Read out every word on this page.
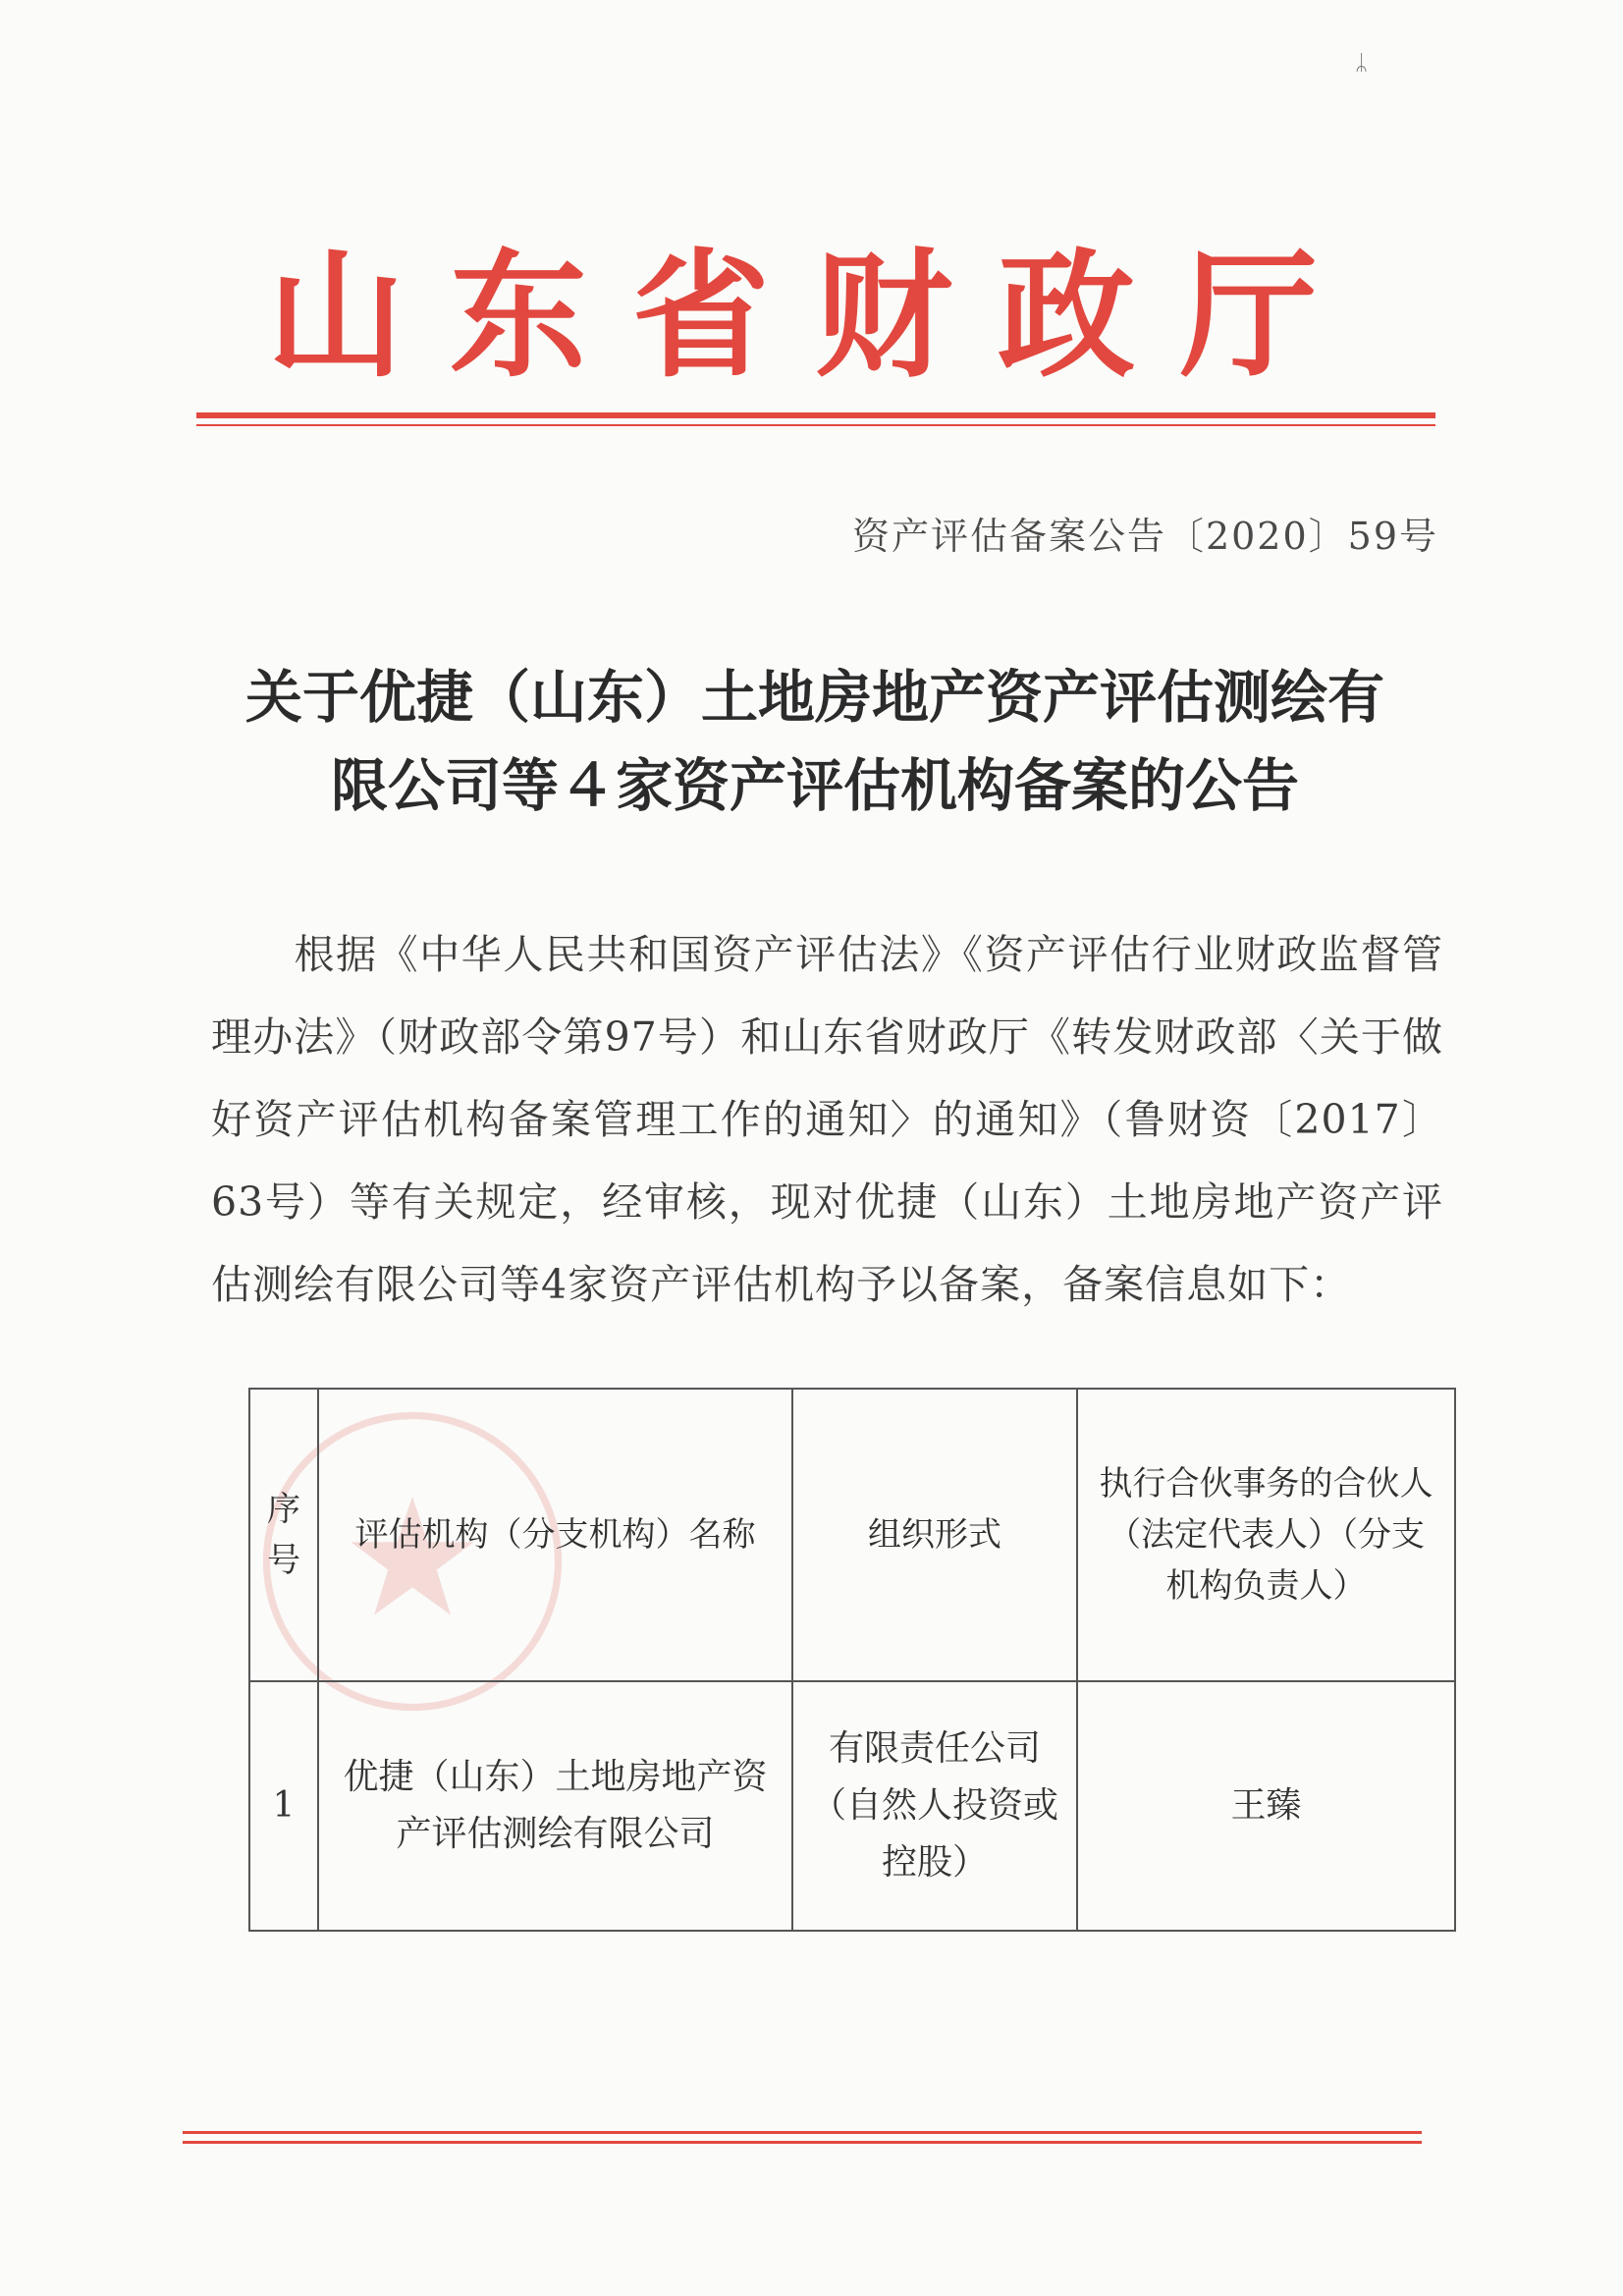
ᛦ
山东省财政厅
资产评估备案公告〔2020〕59号
关于优捷（山东）土地房地产资产评估测绘有
限公司等４家资产评估机构备案的公告
根据《中华人民共和国资产评估法》《资产评估行业财政监督管理办法》（财政部令第97号）和山东省财政厅《转发财政部〈关于做好资产评估机构备案管理工作的通知〉的通知》（鲁财资〔2017〕63号）等有关规定，经审核，现对优捷（山东）土地房地产资产评估测绘有限公司等4家资产评估机构予以备案，备案信息如下：
序号	评估机构（分支机构）名称	组织形式	执行合伙事务的合伙人（法定代表人）（分支机构负责人）
1	优捷（山东）土地房地产资产评估测绘有限公司	有限责任公司（自然人投资或控股）	王臻
